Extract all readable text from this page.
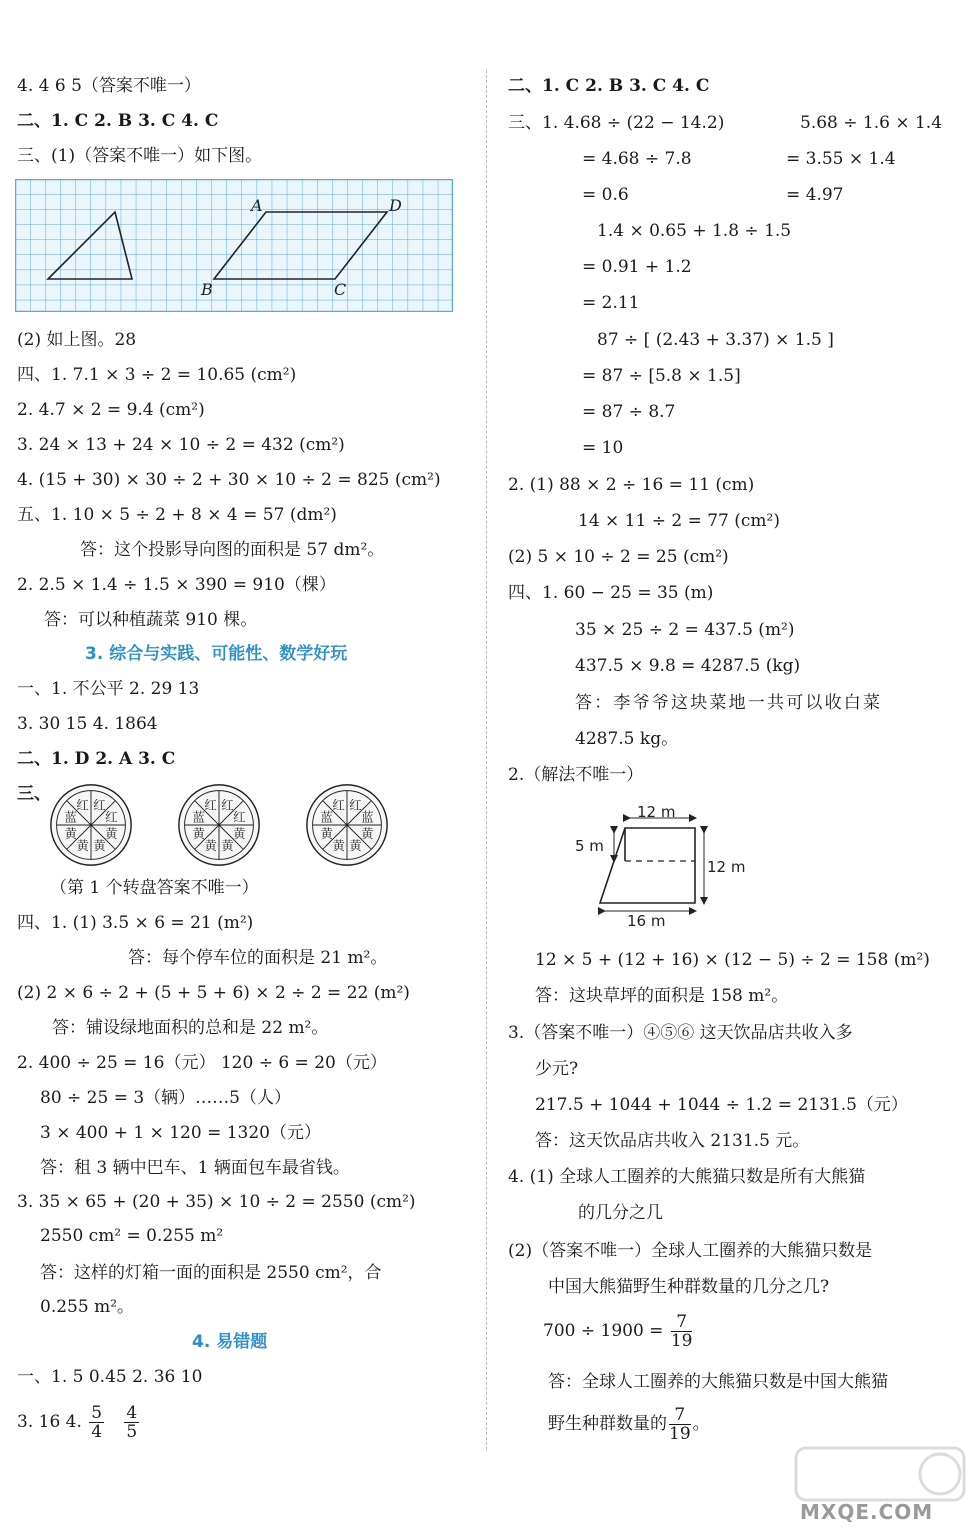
4. 4 6 5（答案不唯一）
二、1. C 2. B 3. C 4. C
三、(1)（答案不唯一）如下图。
A	D
B	C
(2) 如上图。28
四、1. 7.1 × 3 ÷ 2 = 10.65 (cm²)
2. 4.7 × 2 = 9.4 (cm²)
3. 24 × 13 + 24 × 10 ÷ 2 = 432 (cm²)
4. (15 + 30) × 30 ÷ 2 + 30 × 10 ÷ 2 = 825 (cm²)
五、1. 10 × 5 ÷ 2 + 8 × 4 = 57 (dm²)
答：这个投影导向图的面积是 57 dm²。
2. 2.5 × 1.4 ÷ 1.5 × 390 = 910（棵）
答：可以种植蔬菜 910 棵。
3. 综合与实践、可能性、数学好玩
一、1. 不公平 2. 29 13
3. 30 15 4. 1864
二、1. D 2. A 3. C
三、
红
红
黄
黄
黄
黄
蓝
红	红
红
黄
黄
黄
黄
蓝
红	红
蓝
黄
黄
黄
黄
蓝
红
（第 1 个转盘答案不唯一）
四、1. (1) 3.5 × 6 = 21 (m²)
答：每个停车位的面积是 21 m²。
(2) 2 × 6 ÷ 2 + (5 + 5 + 6) × 2 ÷ 2 = 22 (m²)
答：铺设绿地面积的总和是 22 m²。
2. 400 ÷ 25 = 16（元） 120 ÷ 6 = 20（元）
80 ÷ 25 = 3（辆）……5（人）
3 × 400 + 1 × 120 = 1320（元）
答：租 3 辆中巴车、1 辆面包车最省钱。
3. 35 × 65 + (20 + 35) × 10 ÷ 2 = 2550 (cm²)
2550 cm² = 0.255 m²
答：这样的灯箱一面的面积是 2550 cm²，合
0.255 m²。
4. 易错题
一、1. 5 0.45 2. 36 10
3. 16 4. $\frac{5}{4}$
$\frac{4}{5}$
二、1. C 2. B 3. C 4. C
三、1. 4.68 ÷ (22 − 14.2)	5.68 ÷ 1.6 × 1.4
= 4.68 ÷ 7.8	= 3.55 × 1.4
= 0.6	= 4.97
1.4 × 0.65 + 1.8 ÷ 1.5
= 0.91 + 1.2
= 2.11
87 ÷ [ (2.43 + 3.37) × 1.5 ]
= 87 ÷ [5.8 × 1.5]
= 87 ÷ 8.7
= 10
2. (1) 88 × 2 ÷ 16 = 11 (cm)
14 × 11 ÷ 2 = 77 (cm²)
(2) 5 × 10 ÷ 2 = 25 (cm²)
四、1. 60 − 25 = 35 (m)
35 × 25 ÷ 2 = 437.5 (m²)
437.5 × 9.8 = 4287.5 (kg)
答：李爷爷这块菜地一共可以收白菜
4287.5 kg。
2.（解法不唯一）
12 m
5 m
12 m
16 m
12 × 5 + (12 + 16) × (12 − 5) ÷ 2 = 158 (m²)
答：这块草坪的面积是 158 m²。
3.（答案不唯一）④⑤⑥ 这天饮品店共收入多
少元?
217.5 + 1044 + 1044 ÷ 1.2 = 2131.5（元）
答：这天饮品店共收入 2131.5 元。
4. (1) 全球人工圈养的大熊猫只数是所有大熊猫
的几分之几
(2)（答案不唯一）全球人工圈养的大熊猫只数是
中国大熊猫野生种群数量的几分之几?
$700 \div 1900 = \frac{7}{19}$
答：全球人工圈养的大熊猫只数是中国大熊猫
野生种群数量的 $\frac{7}{19}$ 。
MXQE.COM
